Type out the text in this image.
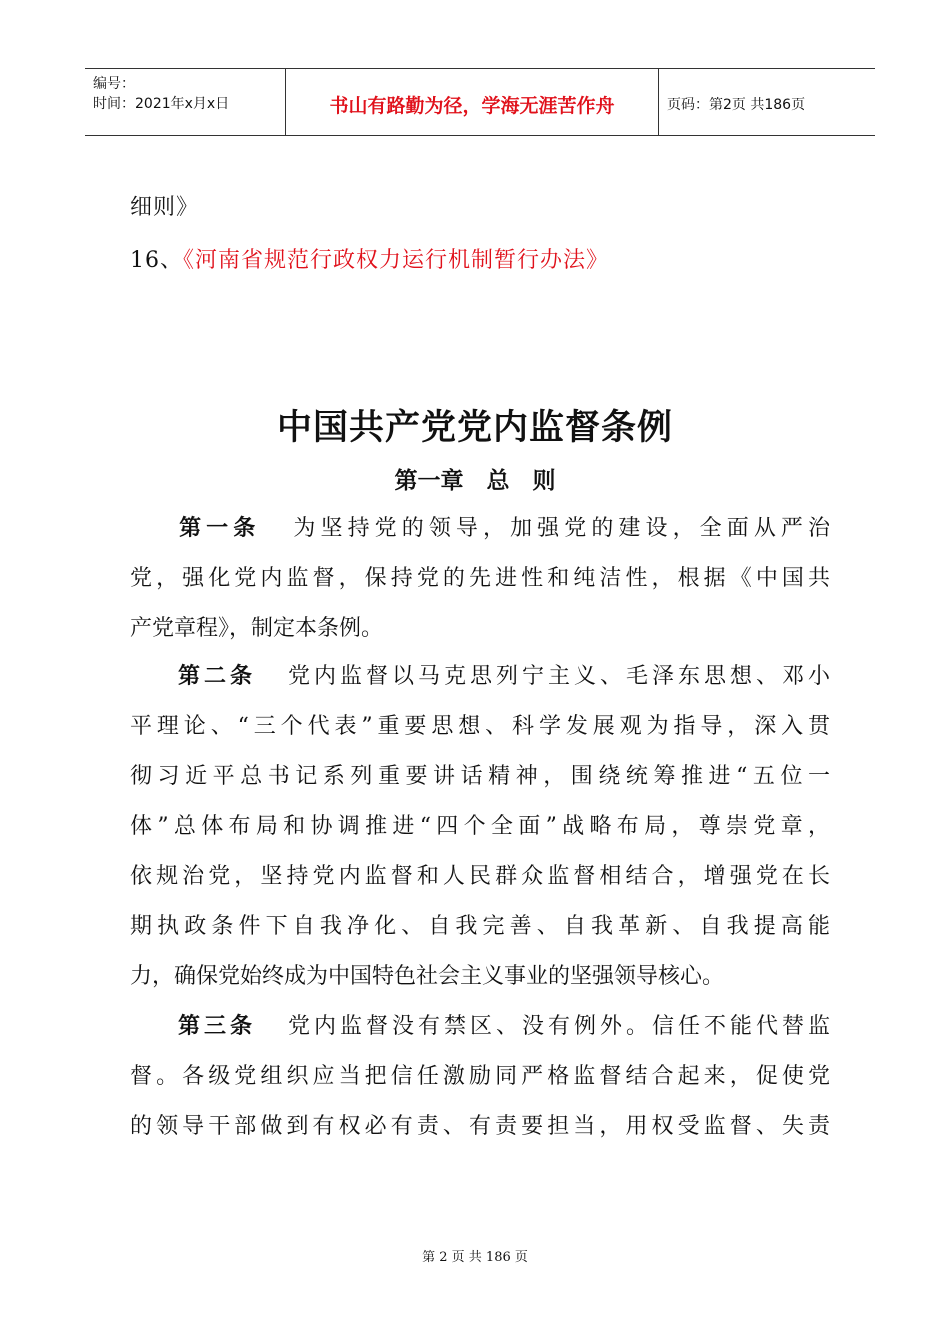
编号：
时间：2021年x月x日	书山有路勤为径，学海无涯苦作舟	页码：第2页 共186页
细则》
16、《河南省规范行政权力运行机制暂行办法》
中国共产党党内监督条例
第一章　总　则
第一条 为坚持党的领导，加强党的建设，全面从严治
党，强化党内监督，保持党的先进性和纯洁性，根据《中国共
产党章程》，制定本条例。
第二条 党内监督以马克思列宁主义、毛泽东思想、邓小
平理论、“三个代表”重要思想、科学发展观为指导，深入贯
彻习近平总书记系列重要讲话精神，围绕统筹推进“五位一
体”总体布局和协调推进“四个全面”战略布局，尊崇党章，
依规治党，坚持党内监督和人民群众监督相结合，增强党在长
期执政条件下自我净化、自我完善、自我革新、自我提高能
力，确保党始终成为中国特色社会主义事业的坚强领导核心。
第三条 党内监督没有禁区、没有例外。信任不能代替监
督。各级党组织应当把信任激励同严格监督结合起来，促使党
的领导干部做到有权必有责、有责要担当，用权受监督、失责
第 2 页 共 186 页
